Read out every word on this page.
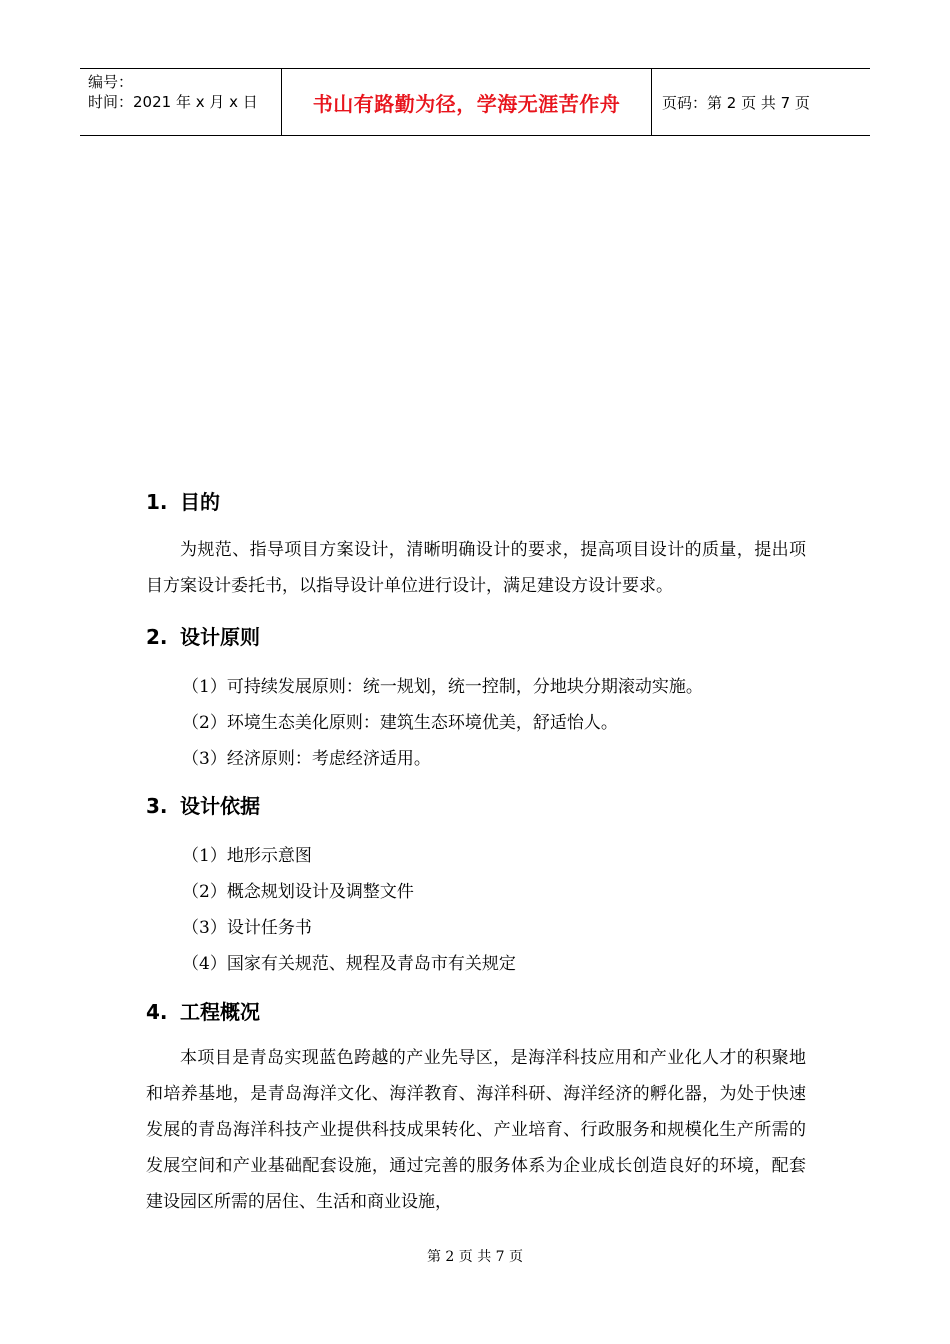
编号：
时间：2021 年 x 月 x 日	书山有路勤为径，学海无涯苦作舟	页码：第 2 页 共 7 页
1. 目的

为规范、指导项目方案设计，清晰明确设计的要求，提高项目设计的质量，提出项目方案设计委托书，以指导设计单位进行设计，满足建设方设计要求。

2. 设计原则
（1）可持续发展原则：统一规划，统一控制，分地块分期滚动实施。
（2）环境生态美化原则：建筑生态环境优美，舒适怡人。
（3）经济原则：考虑经济适用。
3. 设计依据
（1）地形示意图
（2）概念规划设计及调整文件
（3）设计任务书
（4）国家有关规范、规程及青岛市有关规定
4. 工程概况

本项目是青岛实现蓝色跨越的产业先导区，是海洋科技应用和产业化人才的积聚地和培养基地，是青岛海洋文化、海洋教育、海洋科研、海洋经济的孵化器，为处于快速发展的青岛海洋科技产业提供科技成果转化、产业培育、行政服务和规模化生产所需的发展空间和产业基础配套设施，通过完善的服务体系为企业成长创造良好的环境，配套建设园区所需的居住、生活和商业设施，

第 2 页 共 7 页
